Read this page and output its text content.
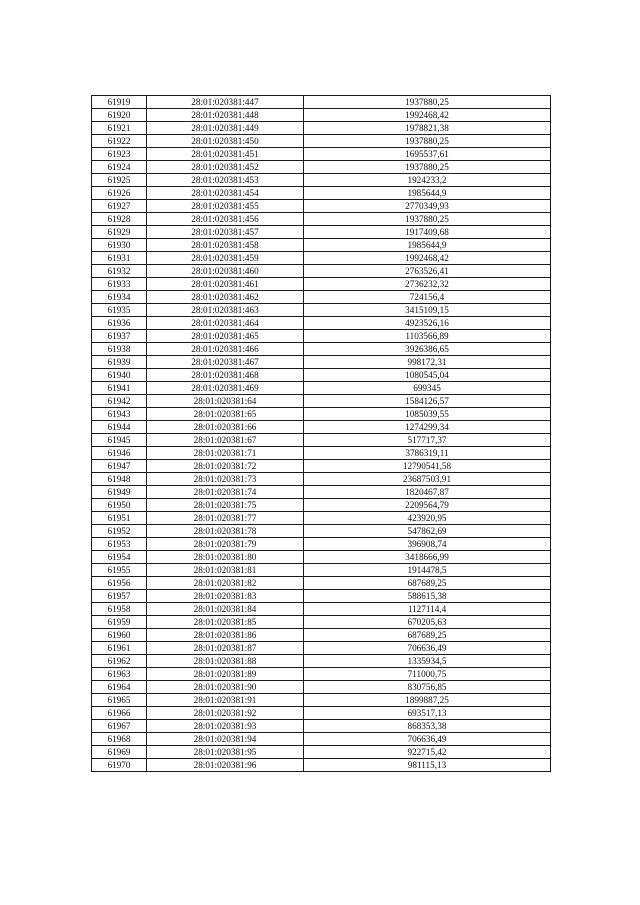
61919	28:01:020381:447	1937880,25
61920	28:01:020381:448	1992468,42
61921	28:01:020381:449	1978821,38
61922	28:01:020381:450	1937880,25
61923	28:01:020381:451	1695537,61
61924	28:01:020381:452	1937880,25
61925	28:01:020381:453	1924233,2
61926	28:01:020381:454	1985644,9
61927	28:01:020381:455	2770349,93
61928	28:01:020381:456	1937880,25
61929	28:01:020381:457	1917409,68
61930	28:01:020381:458	1985644,9
61931	28:01:020381:459	1992468,42
61932	28:01:020381:460	2763526,41
61933	28:01:020381:461	2736232,32
61934	28:01:020381:462	724156,4
61935	28:01:020381:463	3415109,15
61936	28:01:020381:464	4923526,16
61937	28:01:020381:465	1103566,89
61938	28:01:020381:466	3926386,65
61939	28:01:020381:467	998172,31
61940	28:01:020381:468	1080545,04
61941	28:01:020381:469	699345
61942	28:01:020381:64	1584126,57
61943	28:01:020381:65	1085039,55
61944	28:01:020381:66	1274299,34
61945	28:01:020381:67	517717,37
61946	28:01:020381:71	3786319,11
61947	28:01:020381:72	12790541,58
61948	28:01:020381:73	23687503,91
61949	28:01:020381:74	1820467,87
61950	28:01:020381:75	2209564,79
61951	28:01:020381:77	423920,95
61952	28:01:020381:78	547862,69
61953	28:01:020381:79	396908,74
61954	28:01:020381:80	3418666,99
61955	28:01:020381:81	1914478,5
61956	28:01:020381:82	687689,25
61957	28:01:020381:83	588615,38
61958	28:01:020381:84	1127114,4
61959	28:01:020381:85	670205,63
61960	28:01:020381:86	687689,25
61961	28:01:020381:87	706636,49
61962	28:01:020381:88	1335934,5
61963	28:01:020381:89	711000,75
61964	28:01:020381:90	830756,85
61965	28:01:020381:91	1899887,25
61966	28:01:020381:92	693517,13
61967	28:01:020381:93	868353,38
61968	28:01:020381:94	706636,49
61969	28:01:020381:95	922715,42
61970	28:01:020381:96	981115,13
